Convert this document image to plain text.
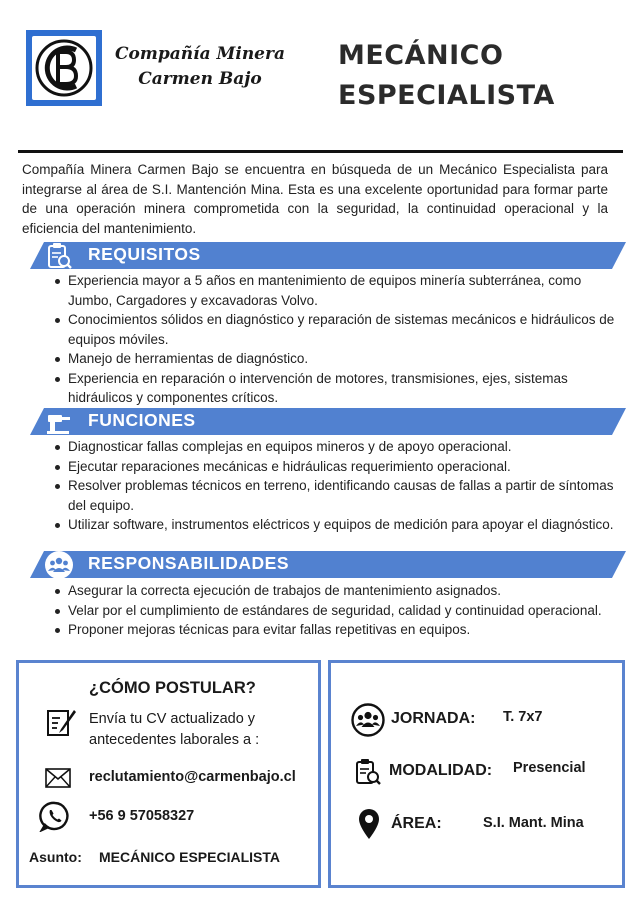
Compañía Minera
Carmen Bajo
MECÁNICO
ESPECIALISTA

Compañía Minera Carmen Bajo se encuentra en búsqueda de un Mecánico Especialista para integrarse al área de S.I. Mantención Mina. Esta es una excelente oportunidad para formar parte de una operación minera comprometida con la seguridad, la continuidad operacional y la eficiencia del mantenimiento.

REQUISITOS
Experiencia mayor a 5 años en mantenimiento de equipos minería subterránea, como Jumbo, Cargadores y excavadoras Volvo.
Conocimientos sólidos en diagnóstico y reparación de sistemas mecánicos e hidráulicos de equipos móviles.
Manejo de herramientas de diagnóstico.
Experiencia en reparación o intervención de motores, transmisiones, ejes, sistemas hidráulicos y componentes críticos.
FUNCIONES
Diagnosticar fallas complejas en equipos mineros y de apoyo operacional.
Ejecutar reparaciones mecánicas e hidráulicas requerimiento operacional.
Resolver problemas técnicos en terreno, identificando causas de fallas a partir de síntomas del equipo.
Utilizar software, instrumentos eléctricos y equipos de medición para apoyar el diagnóstico.
RESPONSABILIDADES
Asegurar la correcta ejecución de trabajos de mantenimiento asignados.
Velar por el cumplimiento de estándares de seguridad, calidad y continuidad operacional.
Proponer mejoras técnicas para evitar fallas repetitivas en equipos.
¿CÓMO POSTULAR?
Envía tu CV actualizado y
antecedentes laborales a :
reclutamiento@carmenbajo.cl
+56 9 57058327
Asunto: MECÁNICO ESPECIALISTA
JORNADA: T. 7x7
MODALIDAD: Presencial
ÁREA:	S.I. Mant. Mina
